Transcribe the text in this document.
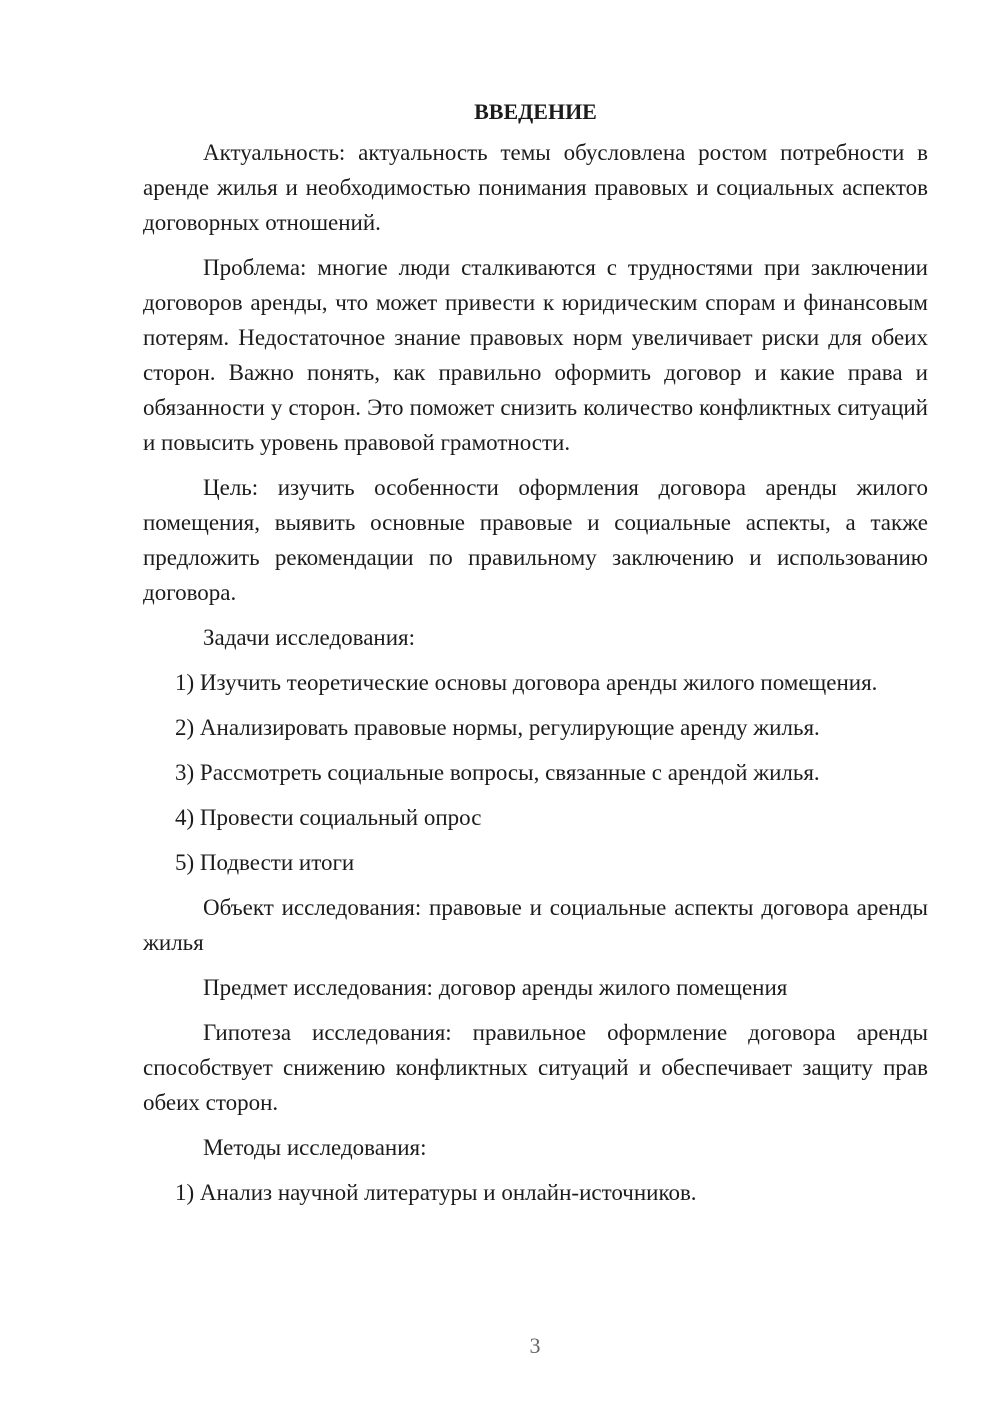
ВВЕДЕНИЕ

Актуальность: актуальность темы обусловлена ростом потребности в аренде жилья и необходимостью понимания правовых и социальных аспектов договорных отношений.

Проблема: многие люди сталкиваются с трудностями при заключении договоров аренды, что может привести к юридическим спорам и финансовым потерям. Недостаточное знание правовых норм увеличивает риски для обеих сторон. Важно понять, как правильно оформить договор и какие права и обязанности у сторон. Это поможет снизить количество конфликтных ситуаций и повысить уровень правовой грамотности.

Цель: изучить особенности оформления договора аренды жилого помещения, выявить основные правовые и социальные аспекты, а также предложить рекомендации по правильному заключению и использованию договора.

Задачи исследования:

1) Изучить теоретические основы договора аренды жилого помещения.

2) Анализировать правовые нормы, регулирующие аренду жилья.

3) Рассмотреть социальные вопросы, связанные с арендой жилья.

4) Провести социальный опрос

5) Подвести итоги

Объект исследования: правовые и социальные аспекты договора аренды жилья

Предмет исследования: договор аренды жилого помещения

Гипотеза исследования: правильное оформление договора аренды способствует снижению конфликтных ситуаций и обеспечивает защиту прав обеих сторон.

Методы исследования:

1) Анализ научной литературы и онлайн-источников.

3
